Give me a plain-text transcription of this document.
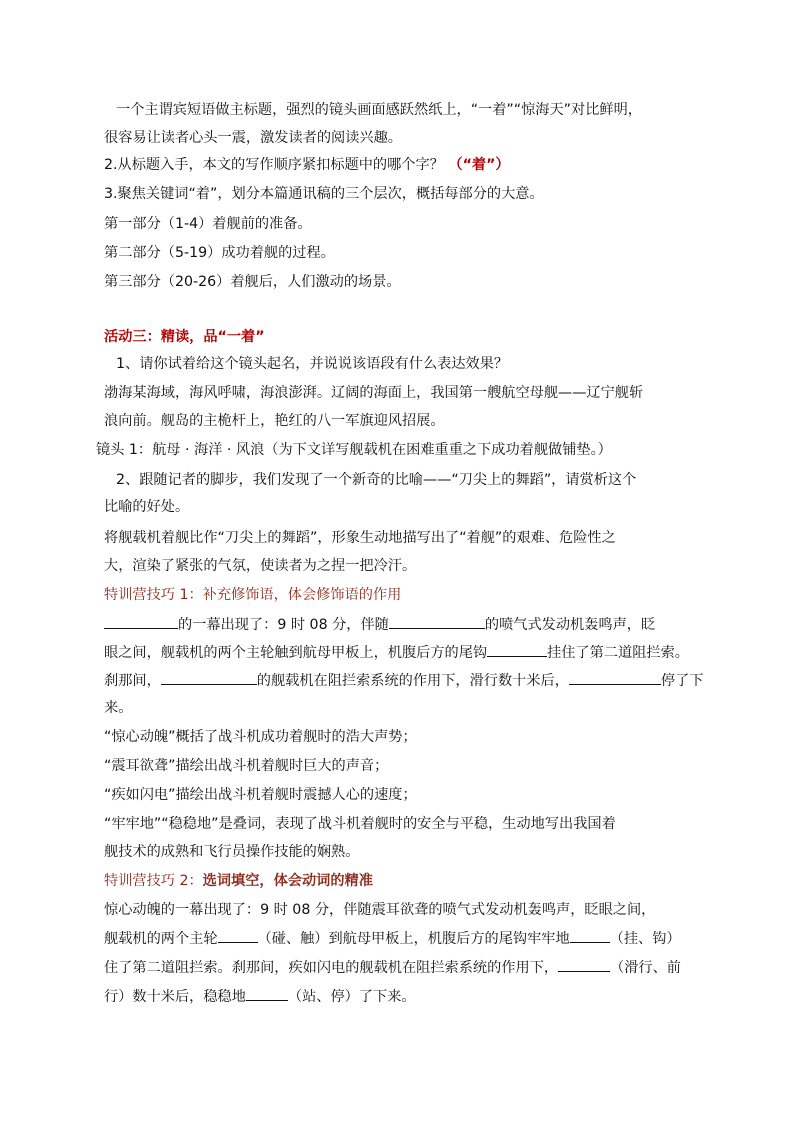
一个主谓宾短语做主标题，强烈的镜头画面感跃然纸上，“一着”“惊海天”对比鲜明，
很容易让读者心头一震，激发读者的阅读兴趣。
2.从标题入手，本文的写作顺序紧扣标题中的哪个字？ （“着”）
3.聚焦关键词“着”，划分本篇通讯稿的三个层次，概括每部分的大意。
第一部分（1-4）着舰前的准备。
第二部分（5-19）成功着舰的过程。
第三部分（20-26）着舰后，人们激动的场景。
活动三：精读，品“一着”
1、请你试着给这个镜头起名，并说说该语段有什么表达效果？
渤海某海域，海风呼啸，海浪澎湃。辽阔的海面上，我国第一艘航空母舰——辽宁舰斩
浪向前。舰岛的主桅杆上，艳红的八一军旗迎风招展。
镜头 1：航母 · 海洋 · 风浪（为下文详写舰载机在困难重重之下成功着舰做铺垫。）
2、跟随记者的脚步，我们发现了一个新奇的比喻——“刀尖上的舞蹈”，请赏析这个
比喻的好处。
将舰载机着舰比作“刀尖上的舞蹈”，形象生动地描写出了“着舰”的艰难、危险性之
大，渲染了紧张的气氛，使读者为之捏一把冷汗。
特训营技巧 1：补充修饰语，体会修饰语的作用
的一幕出现了：9 时 08 分，伴随	的喷气式发动机轰鸣声，眨
眼之间，舰载机的两个主轮触到航母甲板上，机腹后方的尾钩	挂住了第二道阻拦索。
刹那间，	的舰载机在阻拦索系统的作用下，滑行数十米后，	停了下
来。
“惊心动魄”概括了战斗机成功着舰时的浩大声势；
“震耳欲聋”描绘出战斗机着舰时巨大的声音；
“疾如闪电”描绘出战斗机着舰时震撼人心的速度；
“牢牢地”“稳稳地”是叠词，表现了战斗机着舰时的安全与平稳，生动地写出我国着
舰技术的成熟和飞行员操作技能的娴熟。
特训营技巧 2：选词填空，体会动词的精准
惊心动魄的一幕出现了：9 时 08 分，伴随震耳欲聋的喷气式发动机轰鸣声，眨眼之间，
舰载机的两个主轮	（碰、触）到航母甲板上，机腹后方的尾钩牢牢地	（挂、钩）
住了第二道阻拦索。刹那间，疾如闪电的舰载机在阻拦索系统的作用下，	（滑行、前
行）数十米后，稳稳地	（站、停）了下来。
